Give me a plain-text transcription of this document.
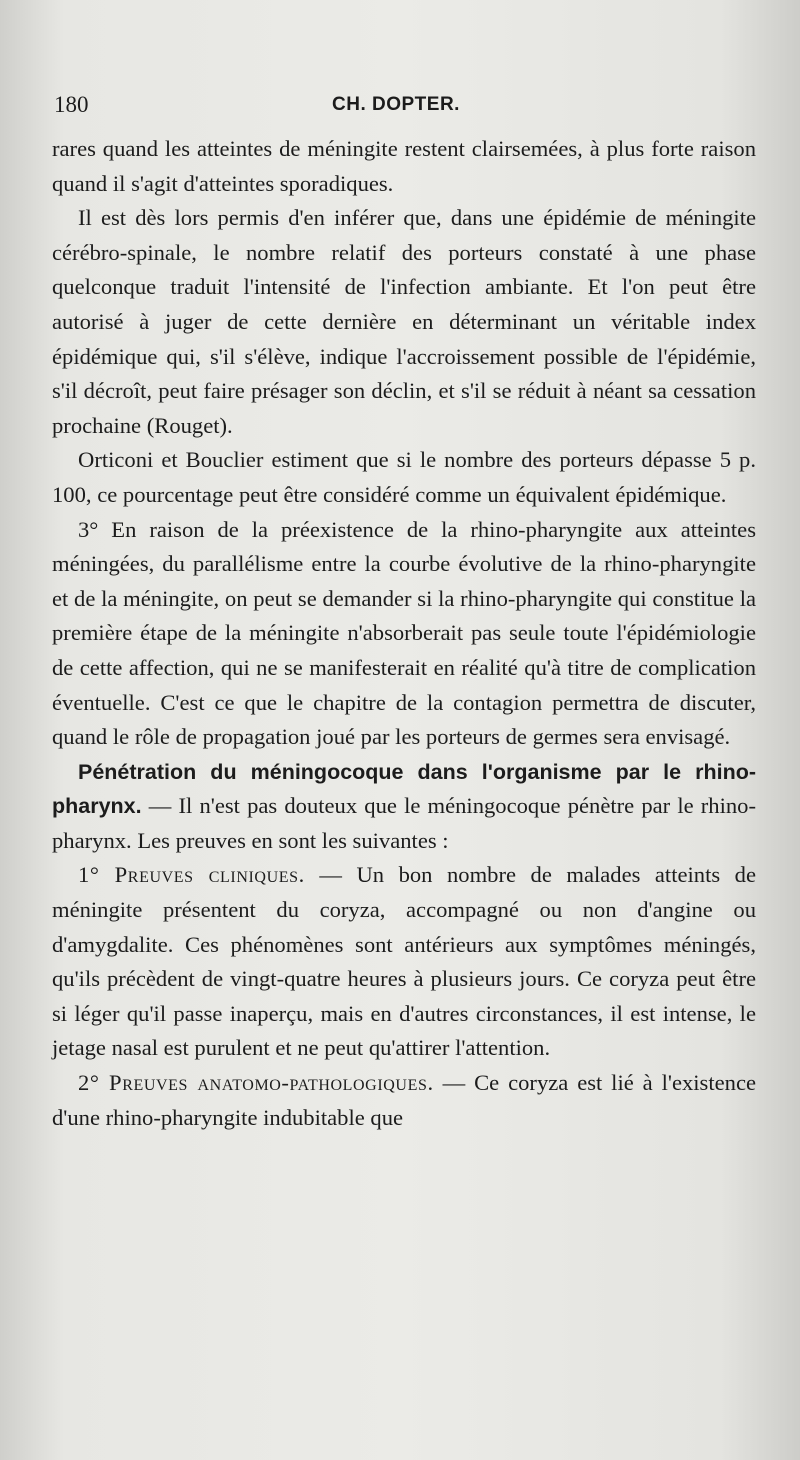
180	CH. DOPTER.

rares quand les atteintes de méningite restent clairsemées, à plus forte raison quand il s'agit d'atteintes sporadiques.

Il est dès lors permis d'en inférer que, dans une épidémie de méningite cérébro-spinale, le nombre relatif des porteurs constaté à une phase quelconque traduit l'intensité de l'infection ambiante. Et l'on peut être autorisé à juger de cette dernière en déterminant un véritable index épidémique qui, s'il s'élève, indique l'accroissement possible de l'épidémie, s'il décroît, peut faire présager son déclin, et s'il se réduit à néant sa cessation prochaine (Rouget).

Orticoni et Bouclier estiment que si le nombre des porteurs dépasse 5 p. 100, ce pourcentage peut être considéré comme un équivalent épidémique.

3° En raison de la préexistence de la rhino-pharyngite aux atteintes méningées, du parallélisme entre la courbe évolutive de la rhino-pharyngite et de la méningite, on peut se demander si la rhino-pharyngite qui constitue la première étape de la méningite n'absorberait pas seule toute l'épidémiologie de cette affection, qui ne se manifesterait en réalité qu'à titre de complication éventuelle. C'est ce que le chapitre de la contagion permettra de discuter, quand le rôle de propagation joué par les porteurs de germes sera envisagé.

Pénétration du méningocoque dans l'organisme par le rhino-pharynx. — Il n'est pas douteux que le méningocoque pénètre par le rhino-pharynx. Les preuves en sont les suivantes :

1° Preuves cliniques. — Un bon nombre de malades atteints de méningite présentent du coryza, accompagné ou non d'angine ou d'amygdalite. Ces phénomènes sont antérieurs aux symptômes méningés, qu'ils précèdent de vingt-quatre heures à plusieurs jours. Ce coryza peut être si léger qu'il passe inaperçu, mais en d'autres circonstances, il est intense, le jetage nasal est purulent et ne peut qu'attirer l'attention.

2° Preuves anatomo-pathologiques. — Ce coryza est lié à l'existence d'une rhino-pharyngite indubitable que
